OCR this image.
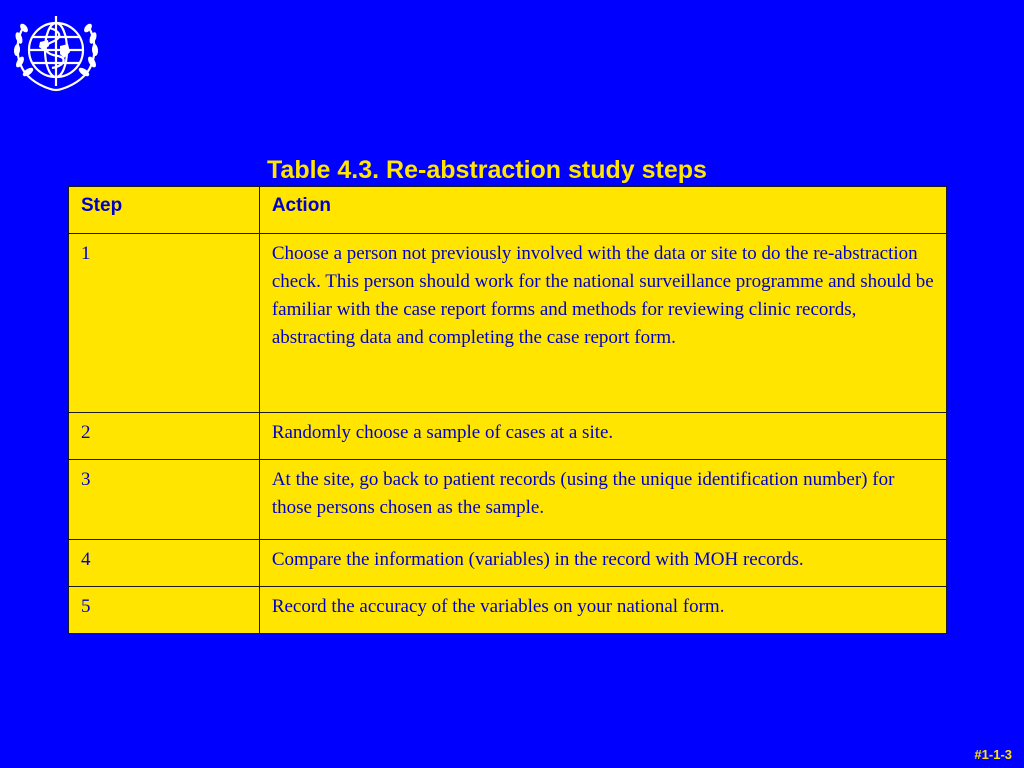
Table 4.3. Re-abstraction study steps
Step	Action
1	Choose a person not previously involved with the data or site to do the re-abstraction check. This person should work for the national surveillance programme and should be familiar with the case report forms and methods for reviewing clinic records, abstracting data and completing the case report form.
2	Randomly choose a sample of cases at a site.
3	At the site, go back to patient records (using the unique identification number) for those persons chosen as the sample.
4	Compare the information (variables) in the record with MOH records.
5	Record the accuracy of the variables on your national form.
#1-1-3
